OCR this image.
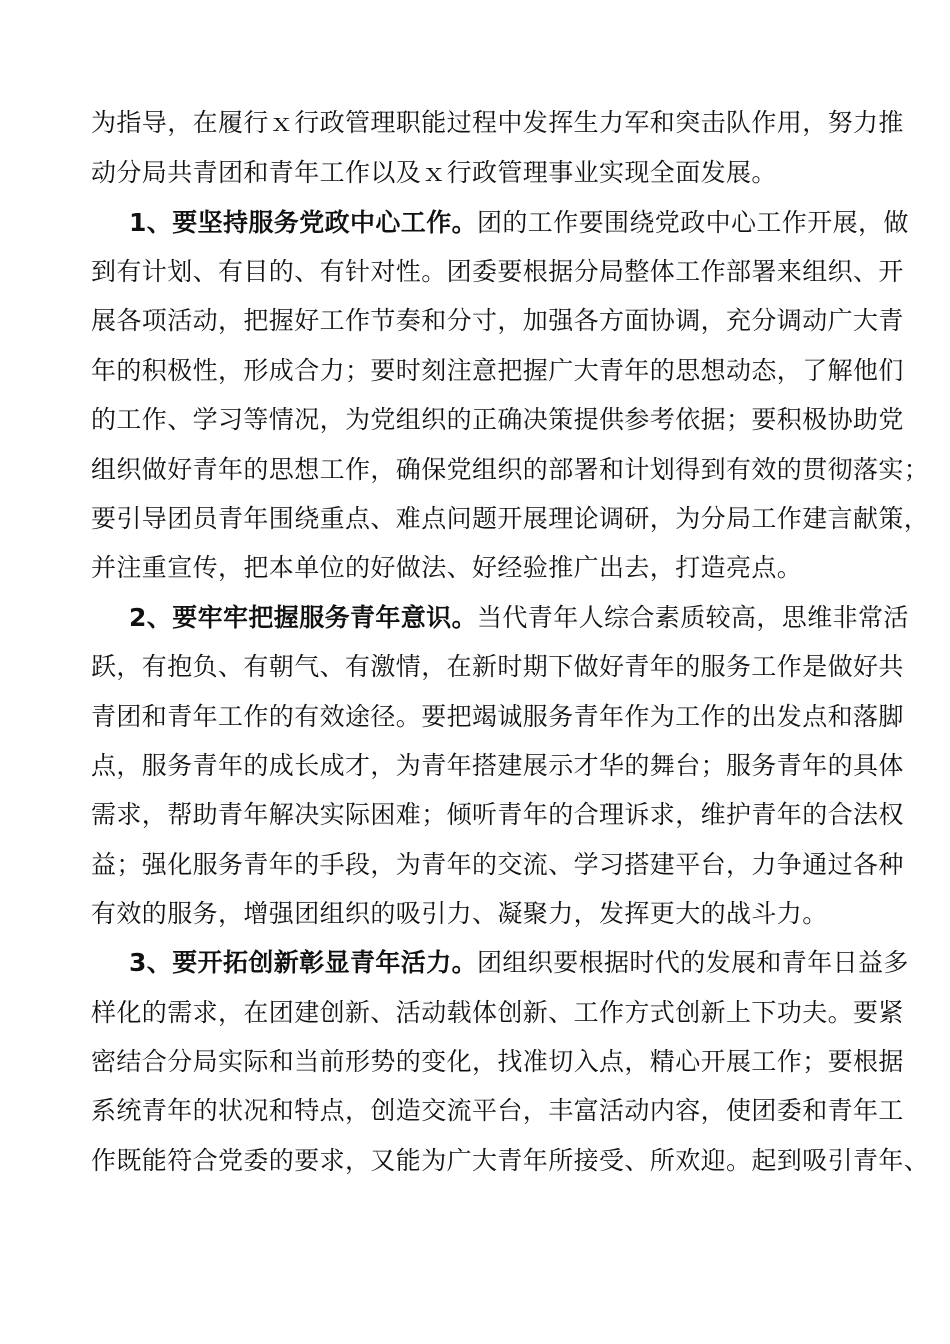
为指导，在履行ｘ行政管理职能过程中发挥生力军和突击队作用，努力推

动分局共青团和青年工作以及ｘ行政管理事业实现全面发展。

1、要坚持服务党政中心工作。团的工作要围绕党政中心工作开展，做

到有计划、有目的、有针对性。团委要根据分局整体工作部署来组织、开

展各项活动，把握好工作节奏和分寸，加强各方面协调，充分调动广大青

年的积极性，形成合力；要时刻注意把握广大青年的思想动态，了解他们

的工作、学习等情况，为党组织的正确决策提供参考依据；要积极协助党

组织做好青年的思想工作，确保党组织的部署和计划得到有效的贯彻落实；

要引导团员青年围绕重点、难点问题开展理论调研，为分局工作建言献策，

并注重宣传，把本单位的好做法、好经验推广出去，打造亮点。

2、要牢牢把握服务青年意识。当代青年人综合素质较高，思维非常活

跃，有抱负、有朝气、有激情，在新时期下做好青年的服务工作是做好共

青团和青年工作的有效途径。要把竭诚服务青年作为工作的出发点和落脚

点，服务青年的成长成才，为青年搭建展示才华的舞台；服务青年的具体

需求，帮助青年解决实际困难；倾听青年的合理诉求，维护青年的合法权

益；强化服务青年的手段，为青年的交流、学习搭建平台，力争通过各种

有效的服务，增强团组织的吸引力、凝聚力，发挥更大的战斗力。

3、要开拓创新彰显青年活力。团组织要根据时代的发展和青年日益多

样化的需求，在团建创新、活动载体创新、工作方式创新上下功夫。要紧

密结合分局实际和当前形势的变化，找准切入点，精心开展工作；要根据

系统青年的状况和特点，创造交流平台，丰富活动内容，使团委和青年工

作既能符合党委的要求，又能为广大青年所接受、所欢迎。起到吸引青年、
